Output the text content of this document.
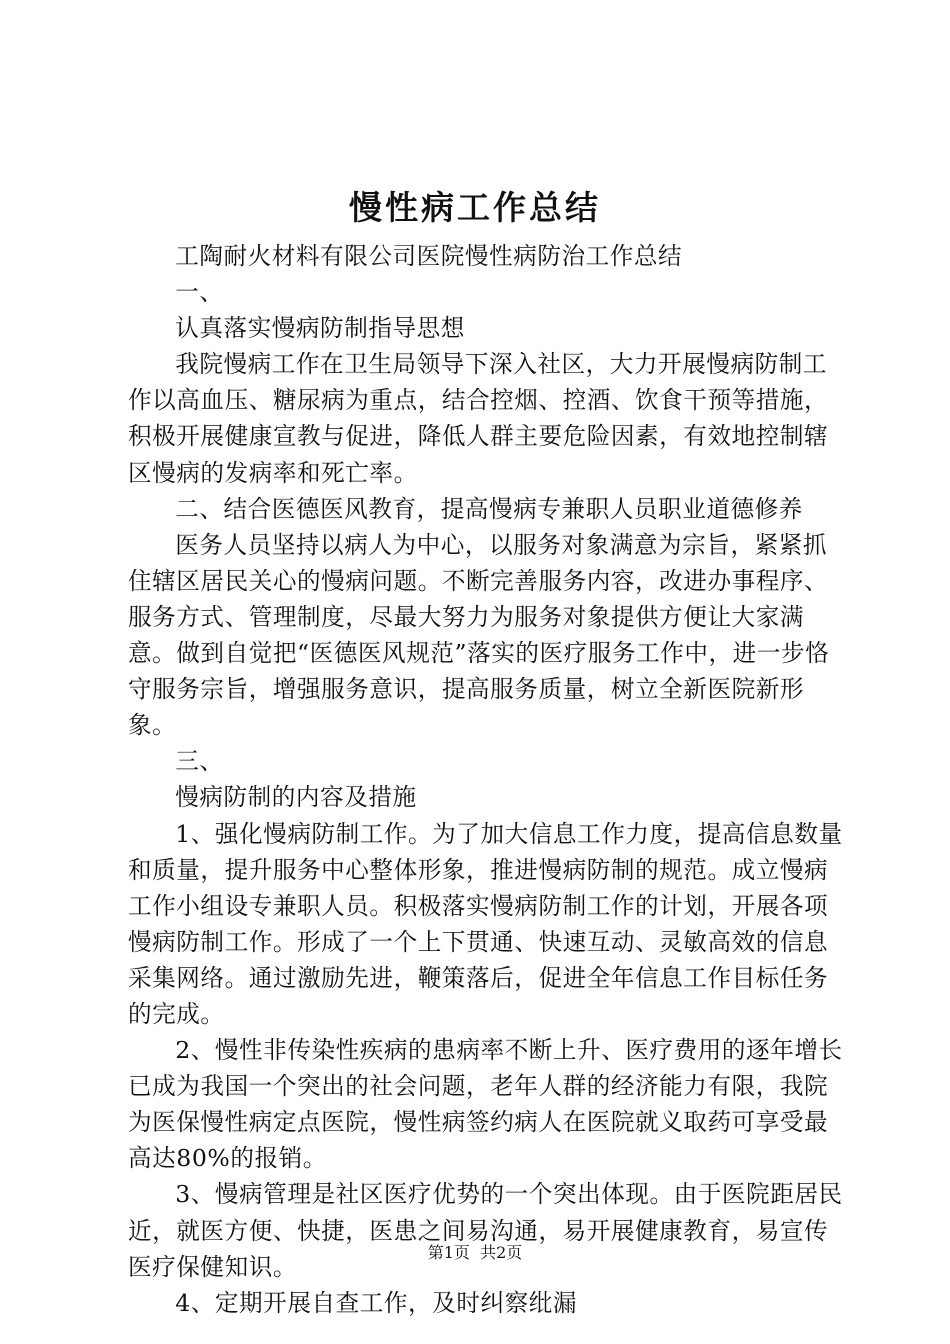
慢性病工作总结

工陶耐火材料有限公司医院慢性病防治工作总结

一、

认真落实慢病防制指导思想

我院慢病工作在卫生局领导下深入社区，大力开展慢病防制工作以高血压、糖尿病为重点，结合控烟、控酒、饮食干预等措施，积极开展健康宣教与促进，降低人群主要危险因素，有效地控制辖区慢病的发病率和死亡率。

二、结合医德医风教育，提高慢病专兼职人员职业道德修养

医务人员坚持以病人为中心，以服务对象满意为宗旨，紧紧抓住辖区居民关心的慢病问题。不断完善服务内容，改进办事程序、服务方式、管理制度，尽最大努力为服务对象提供方便让大家满意。做到自觉把“医德医风规范”落实的医疗服务工作中，进一步恪守服务宗旨，增强服务意识，提高服务质量，树立全新医院新形象。

三、

慢病防制的内容及措施

1、强化慢病防制工作。为了加大信息工作力度，提高信息数量和质量，提升服务中心整体形象，推进慢病防制的规范。成立慢病工作小组设专兼职人员。积极落实慢病防制工作的计划，开展各项慢病防制工作。形成了一个上下贯通、快速互动、灵敏高效的信息采集网络。通过激励先进，鞭策落后，促进全年信息工作目标任务的完成。

2、慢性非传染性疾病的患病率不断上升、医疗费用的逐年增长已成为我国一个突出的社会问题，老年人群的经济能力有限，我院为医保慢性病定点医院，慢性病签约病人在医院就义取药可享受最高达80%的报销。

3、慢病管理是社区医疗优势的一个突出体现。由于医院距居民近，就医方便、快捷，医患之间易沟通，易开展健康教育，易宣传医疗保健知识。

4、定期开展自查工作，及时纠察纰漏

第1页 共2页
